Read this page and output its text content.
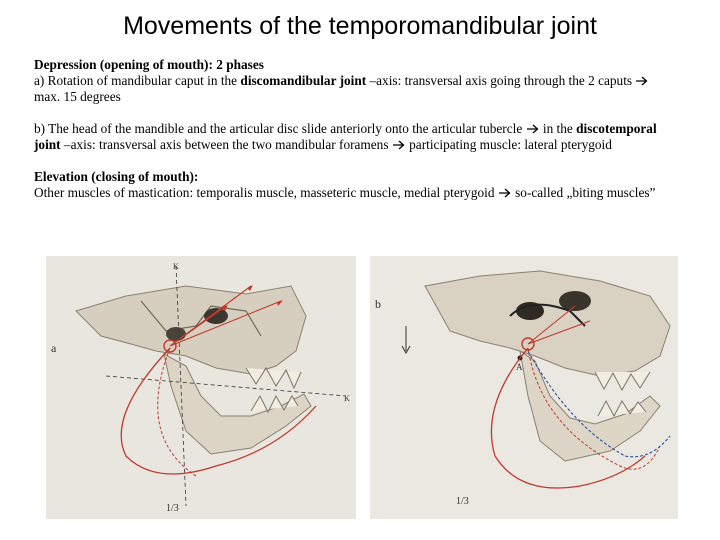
Movements of the temporomandibular joint

Depression (opening of mouth): 2 phases

a) Rotation of mandibular caput in the discomandibular joint –axis: transversal axis going through the 2 caputs  max. 15 degrees

b) The head of the mandible and the articular disc slide anteriorly onto the articular tubercle  in the discotemporal joint –axis: transversal axis between the two mandibular foramens  participating muscle: lateral pterygoid

Elevation (closing of mouth):

Other muscles of mastication: temporalis muscle, masseteric muscle, medial pterygoid  so-called „biting muscles”

a
K
K
1/3
b
A
1/3
